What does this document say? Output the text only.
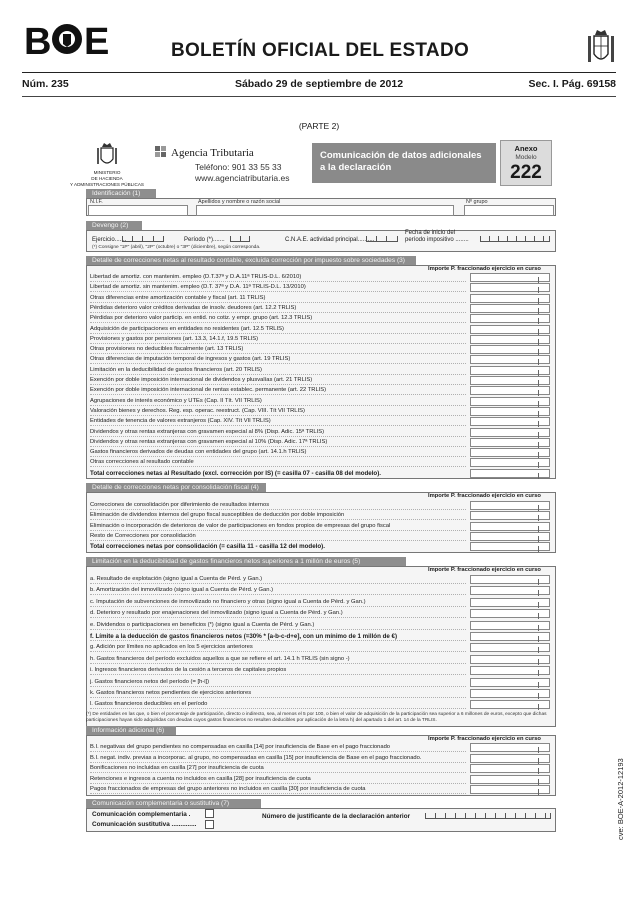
B E	BOLETÍN OFICIAL DEL ESTADO
Núm. 235	Sábado 29 de septiembre de 2012	Sec. I. Pág. 69158
(PARTE 2)
MINISTERIO
DE HACIENDA
Y ADMINISTRACIONES PÚBLICAS
Agencia Tributaria
Teléfono: 901 33 55 33
www.agenciatributaria.es
Comunicación de datos adicionales
a la declaración
Anexo
Modelo
222
Identificación (1)
N.I.F.	Apellidos y nombre o razón social	Nº grupo
Devengo (2)
Ejercicio.......	Período (*).......	C.N.A.E. actividad principal..........
Fecha de inicio del
período impositivo ........
(*) Consigne "1P" (abril), "2P" (octubre) o "3P" (diciembre), según corresponda.
Detalle de correcciones netas al resultado contable, excluida corrección por impuesto sobre sociedades (3)
Importe P. fraccionado ejercicio en curso
Libertad de amortiz. con mantenim. empleo (D.T.37ª y D.A.11ª TRLIS-D.L. 6/2010)
Libertad de amortiz. sin mantenim. empleo (D.T. 37ª y D.A. 11ª TRLIS-D.L. 13/2010)
Otras diferencias entre amortización contable y fiscal (art. 11 TRLIS)
Pérdidas deterioro valor créditos derivadas de insolv. deudores (art. 12.2 TRLIS)
Pérdidas por deterioro valor particip. en entid. no cotiz. y empr. grupo (art. 12.3 TRLIS)
Adquisición de participaciones en entidades no residentes (art. 12.5 TRLIS)
Provisiones y gastos por pensiones (art. 13.3, 14.1.f, 19.5 TRLIS)
Otras provisiones no deducibles fiscalmente (art. 13 TRLIS)
Otras diferencias de imputación temporal de ingresos y gastos (art. 19 TRLIS)
Limitación en la deducibilidad de gastos financieros (art. 20 TRLIS)
Exención por doble imposición internacional de dividendos y plusvalías (art. 21 TRLIS)
Exención por doble imposición internacional de rentas establec. permanente (art. 22 TRLIS)
Agrupaciones de interés económico y UTEs (Cap. II Tít. VII TRLIS)
Valoración bienes y derechos. Reg. esp. operac. reestruct. (Cap. VIII. Tít VII TRLIS)
Entidades de tenencia de valores extranjeros (Cap. XIV. Tít VII TRLIS)
Dividendos y otras rentas extranjeras con gravamen especial al 8% (Disp. Adic. 15ª TRLIS)
Dividendos y otras rentas extranjeras con gravamen especial al 10% (Disp. Adic. 17ª TRLIS)
Gastos financieros derivados de deudas con entidades del grupo (art. 14.1.h TRLIS)
Otras correcciones al resultado contable
Total correcciones netas al Resultado (excl. corrección por IS) (= casilla 07 - casilla 08 del modelo).
Detalle de correcciones netas por consolidación fiscal (4)
Importe P. fraccionado ejercicio en curso
Correcciones de consolidación por diferimiento de resultados internos
Eliminación de dividendos internos del grupo fiscal susceptibles de deducción por doble imposición
Eliminación o incorporación de deterioros de valor de participaciones en fondos propios de empresas del grupo fiscal
Resto de Correcciones por consolidación
Total correcciones netas por consolidación (= casilla 11 - casilla 12 del modelo).
Limitación en la deducibilidad de gastos financieros netos superiores a 1 millón de euros (5)
Importe P. fraccionado ejercicio en curso
a. Resultado de explotación (signo igual a Cuenta de Pérd. y Gan.)
b. Amortización del inmovilizado (signo igual a Cuenta de Pérd. y Gan.)
c. Imputación de subvenciones de inmovilizado no financiero y otras (signo igual a Cuenta de Pérd. y Gan.)
d. Deterioro y resultado por enajenaciones del inmovilizado (signo igual a Cuenta de Pérd. y Gan.)
e. Dividendos o participaciones en beneficios (*) (signo igual a Cuenta de Pérd. y Gan.)
f. Límite a la deducción de gastos financieros netos (=30% * [a-b-c-d+e], con un mínimo de 1 millón de €)
g. Adición por límites no aplicados en los 5 ejercicios anteriores
h. Gastos financieros del período excluidos aquellos a que se refiere el art. 14.1 h TRLIS (sin signo -)
i. Ingresos financieros derivados de la cesión a terceros de capitales propios
j. Gastos financieros netos del período (= [h-i])
k. Gastos financieros netos pendientes de ejercicios anteriores
l. Gastos financieros deducibles en el período
(*) De entidades en las que, o bien el porcentaje de participación, directo o indirecto, sea, al menos el 5 por 100, o bien el valor de adquisición de la participación sea superior a 6 millones de euros, excepto que dichas participaciones hayan sido adquiridas con deudas cuyos gastos financieros no resulten deducibles por aplicación de la letra h) del apartado 1 del art. 14 de la TRLIS.
Información adicional (6)
Importe P. fraccionado ejercicio en curso
B.I. negativas del grupo pendientes no compensadas en casilla [14] por insuficiencia de Base en el pago fraccionado
B.I. negat. indiv. previas a incorporac. al grupo, no compensadas en casilla [15] por insuficiencia de Base en el pago fraccionado.
Bonificaciones no incluidas en casilla [27] por insuficiencia de cuota
Retenciones e ingresos a cuenta no incluidos en casilla [28] por insuficiencia de cuota
Pagos fraccionados de empresas del grupo anteriores no incluidos en casilla [30] por insuficiencia de cuota
Comunicación complementaria o sustitutiva (7)
Comunicación complementaria .
Comunicación sustitutiva ..............
Número de justificante de la declaración anterior	cve: BOE-A-2012-12193
